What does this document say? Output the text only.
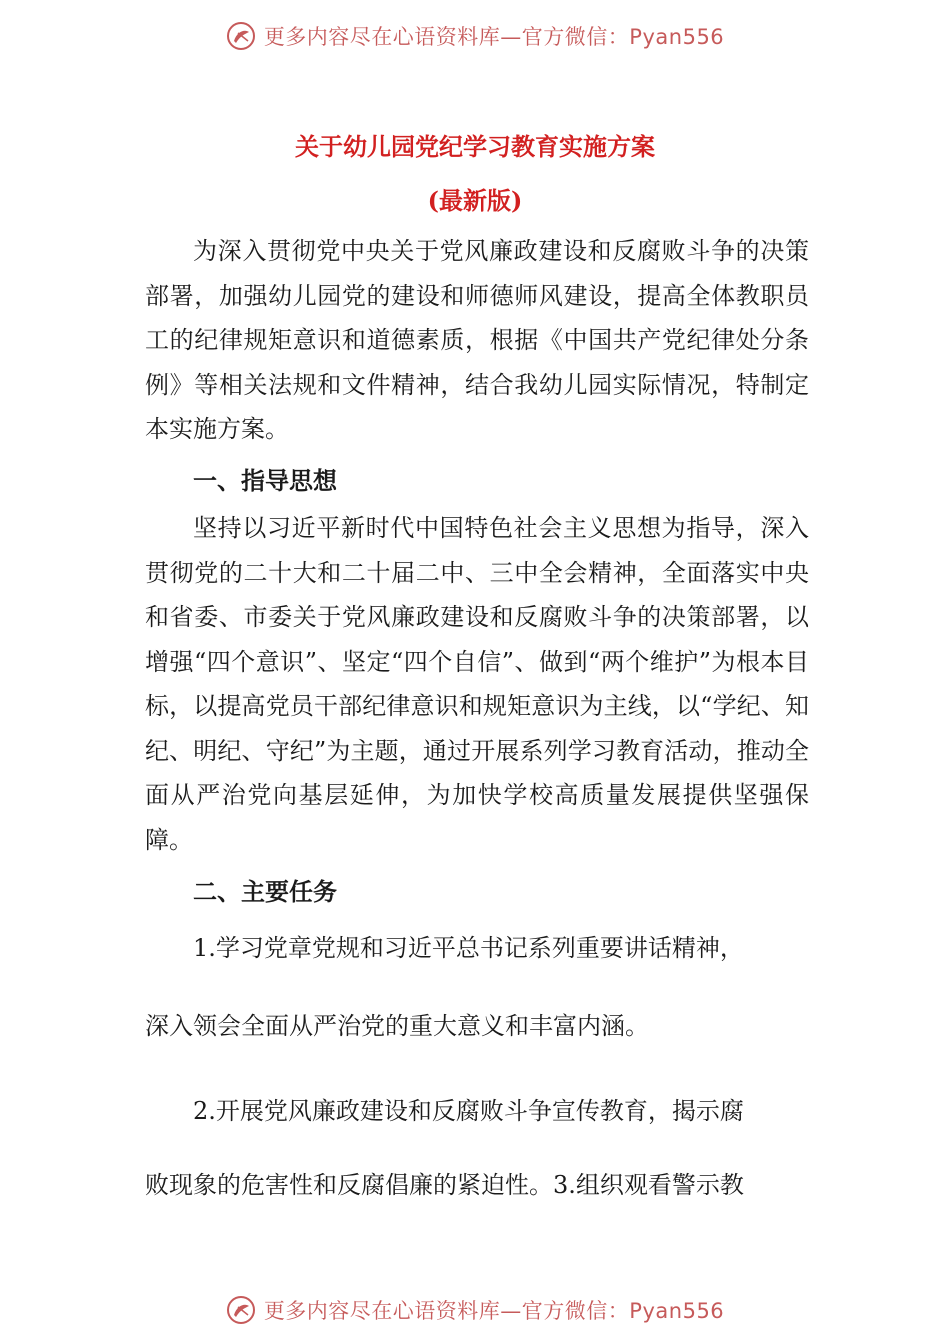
更多内容尽在心语资料库—官方微信：Pyan556
关于幼儿园党纪学习教育实施方案
(最新版)

为深入贯彻党中央关于党风廉政建设和反腐败斗争的决策部署，加强幼儿园党的建设和师德师风建设，提高全体教职员工的纪律规矩意识和道德素质，根据《中国共产党纪律处分条例》等相关法规和文件精神，结合我幼儿园实际情况，特制定本实施方案。

一、指导思想

坚持以习近平新时代中国特色社会主义思想为指导，深入贯彻党的二十大和二十届二中、三中全会精神，全面落实中央和省委、市委关于党风廉政建设和反腐败斗争的决策部署，以增强“四个意识”、坚定“四个自信”、做到“两个维护”为根本目标，以提高党员干部纪律意识和规矩意识为主线，以“学纪、知纪、明纪、守纪”为主题，通过开展系列学习教育活动，推动全面从严治党向基层延伸，为加快学校高质量发展提供坚强保障。

二、主要任务

1.学习党章党规和习近平总书记系列重要讲话精神，

深入领会全面从严治党的重大意义和丰富内涵。

2.开展党风廉政建设和反腐败斗争宣传教育，揭示腐

败现象的危害性和反腐倡廉的紧迫性。3.组织观看警示教

更多内容尽在心语资料库—官方微信：Pyan556
